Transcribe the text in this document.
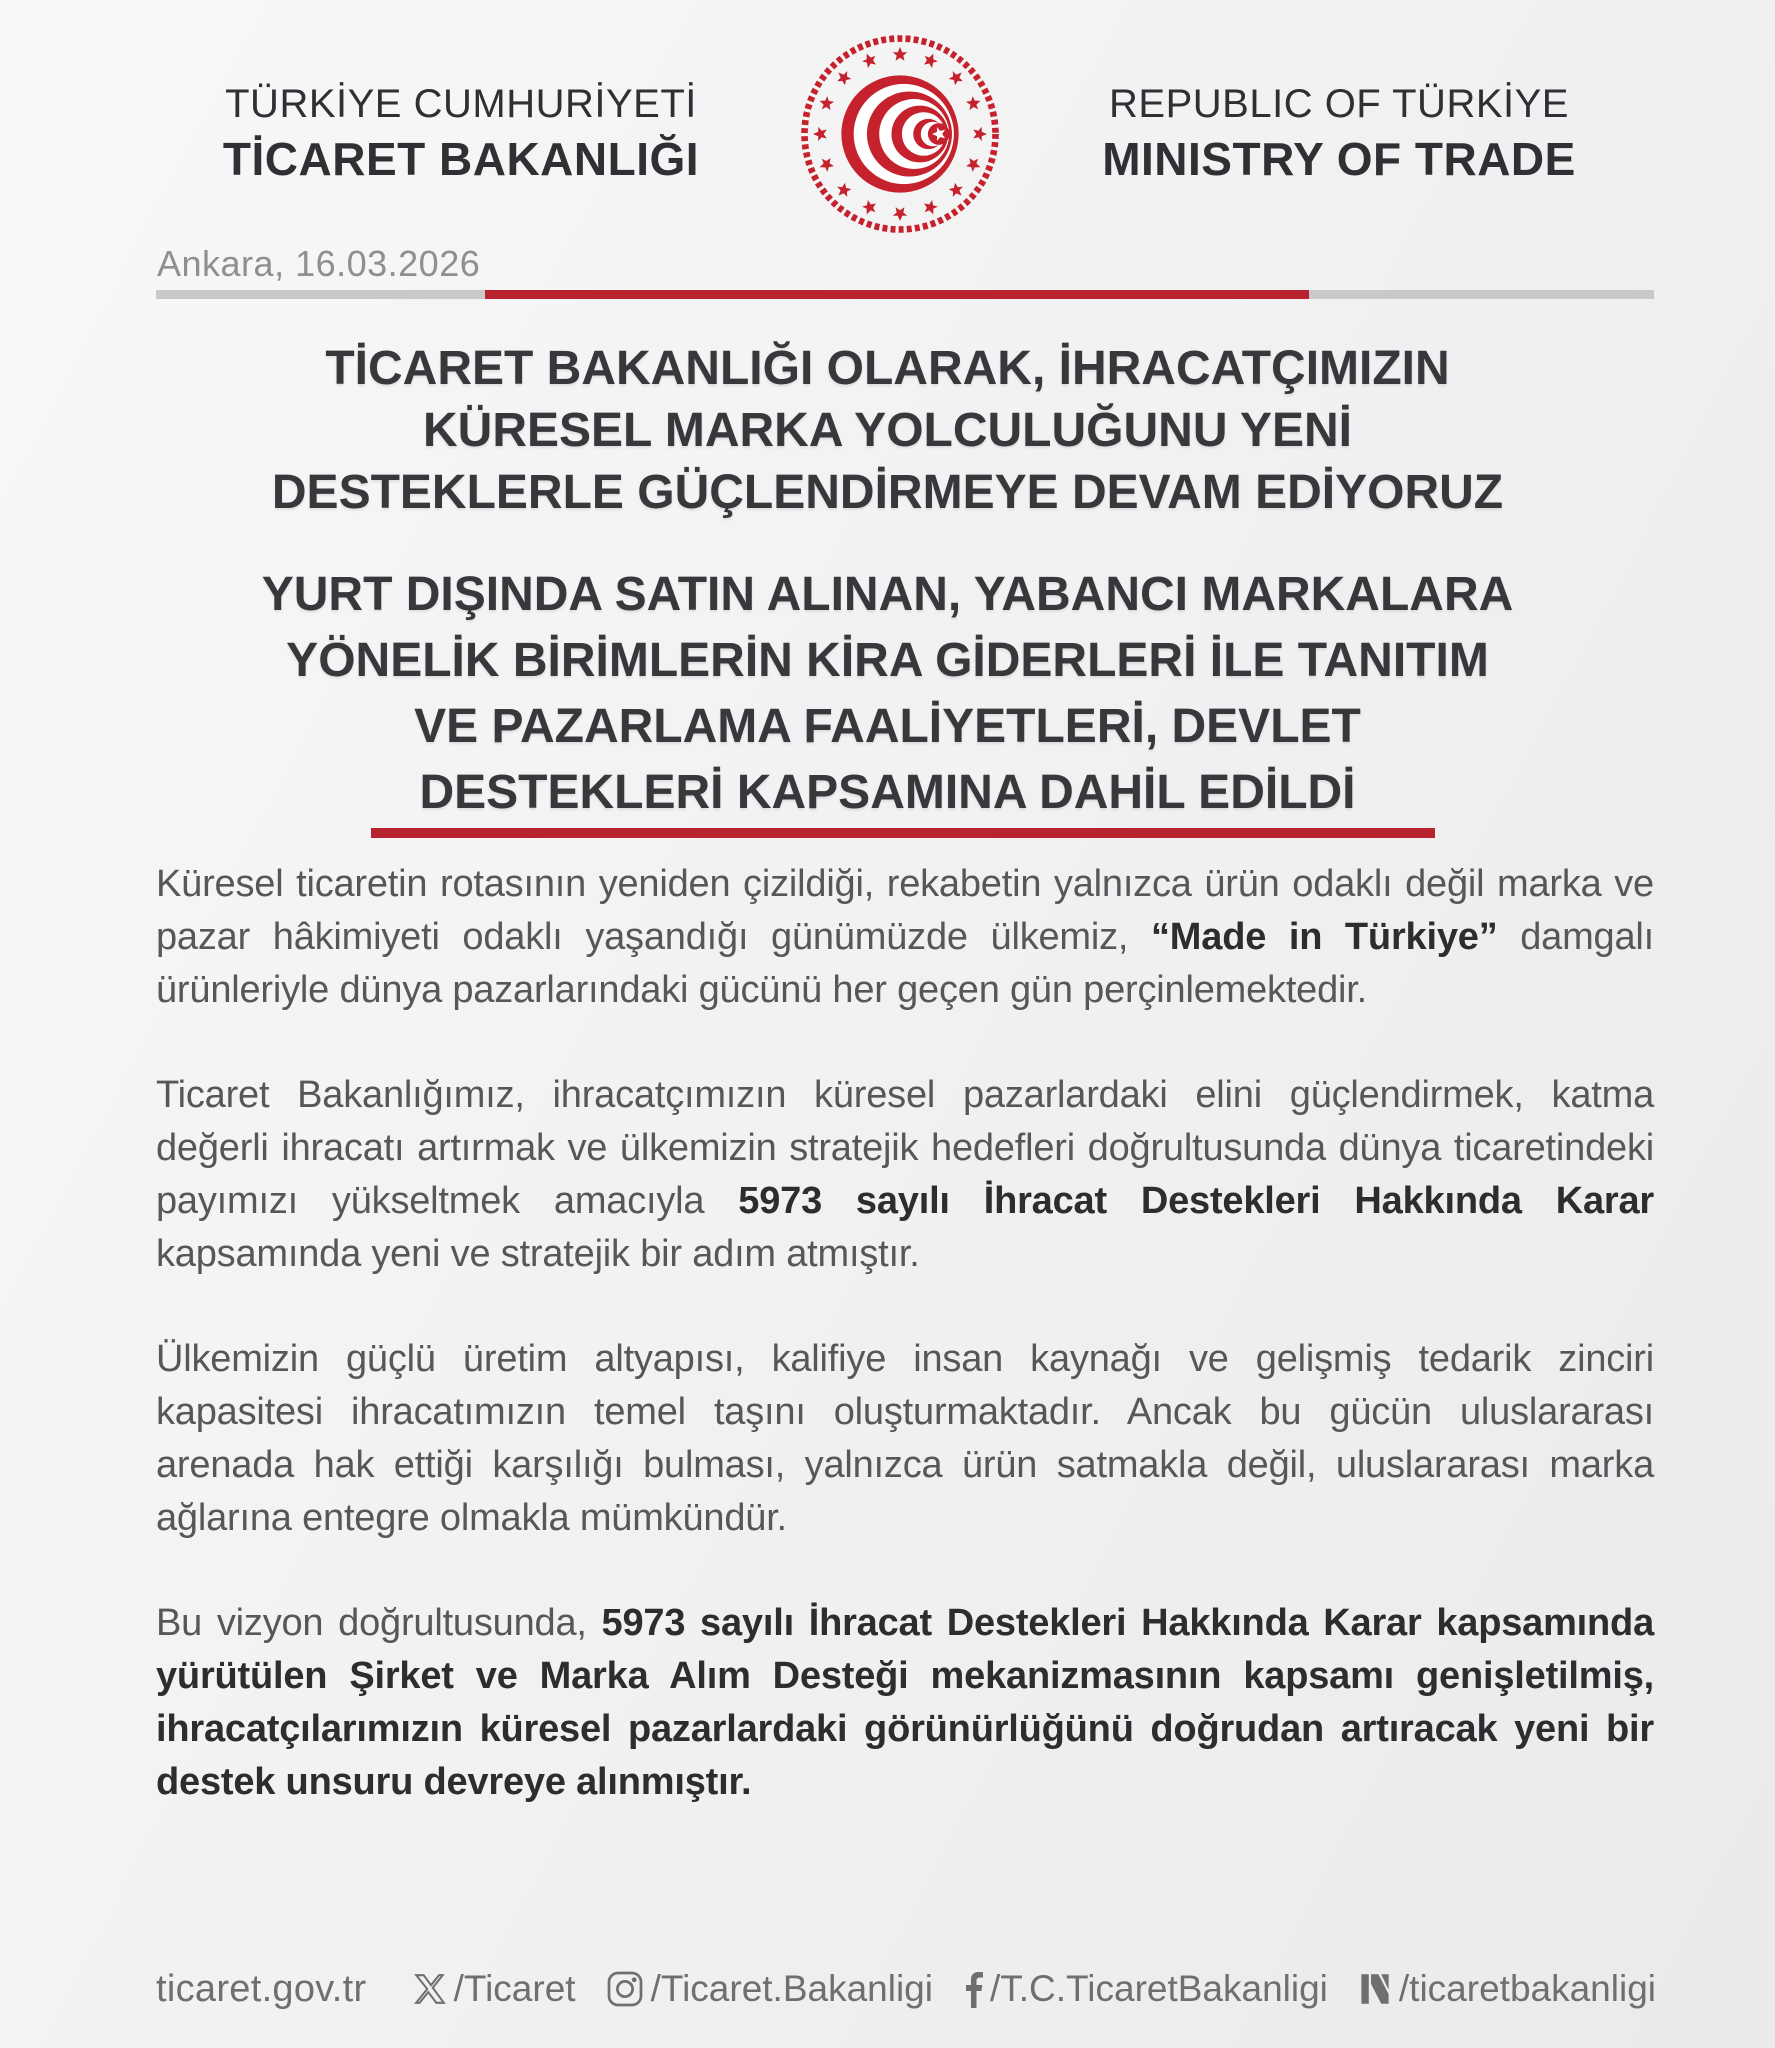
TÜRKİYE CUMHURİYETİ
TİCARET BAKANLIĞI
REPUBLIC OF TÜRKİYE
MINISTRY OF TRADE
Ankara, 16.03.2026
TİCARET BAKANLIĞI OLARAK, İHRACATÇIMIZIN
KÜRESEL MARKA YOLCULUĞUNU YENİ
DESTEKLERLE GÜÇLENDİRMEYE DEVAM EDİYORUZ
YURT DIŞINDA SATIN ALINAN, YABANCI MARKALARA
YÖNELİK BİRİMLERİN KİRA GİDERLERİ İLE TANITIM
VE PAZARLAMA FAALİYETLERİ, DEVLET
DESTEKLERİ KAPSAMINA DAHİL EDİLDİ

Küresel ticaretin rotasının yeniden çizildiği, rekabetin yalnızca ürün odaklı değil marka ve pazar hâkimiyeti odaklı yaşandığı günümüzde ülkemiz, “Made in Türkiye” damgalı ürünleriyle dünya pazarlarındaki gücünü her geçen gün perçinlemektedir.

Ticaret Bakanlığımız, ihracatçımızın küresel pazarlardaki elini güçlendirmek, katma değerli ihracatı artırmak ve ülkemizin stratejik hedefleri doğrultusunda dünya ticaretindeki payımızı yükseltmek amacıyla 5973 sayılı İhracat Destekleri Hakkında Karar kapsamında yeni ve stratejik bir adım atmıştır.

Ülkemizin güçlü üretim altyapısı, kalifiye insan kaynağı ve gelişmiş tedarik zinciri kapasitesi ihracatımızın temel taşını oluşturmaktadır. Ancak bu gücün uluslararası arenada hak ettiği karşılığı bulması, yalnızca ürün satmakla değil, uluslararası marka ağlarına entegre olmakla mümkündür.

Bu vizyon doğrultusunda, 5973 sayılı İhracat Destekleri Hakkında Karar kapsamında yürütülen Şirket ve Marka Alım Desteği mekanizmasının kapsamı genişletilmiş, ihracatçılarımızın küresel pazarlardaki görünürlüğünü doğrudan artıracak yeni bir destek unsuru devreye alınmıştır.

ticaret.gov.tr /Ticaret /Ticaret.Bakanligi /T.C.TicaretBakanligi /ticaretbakanligi
